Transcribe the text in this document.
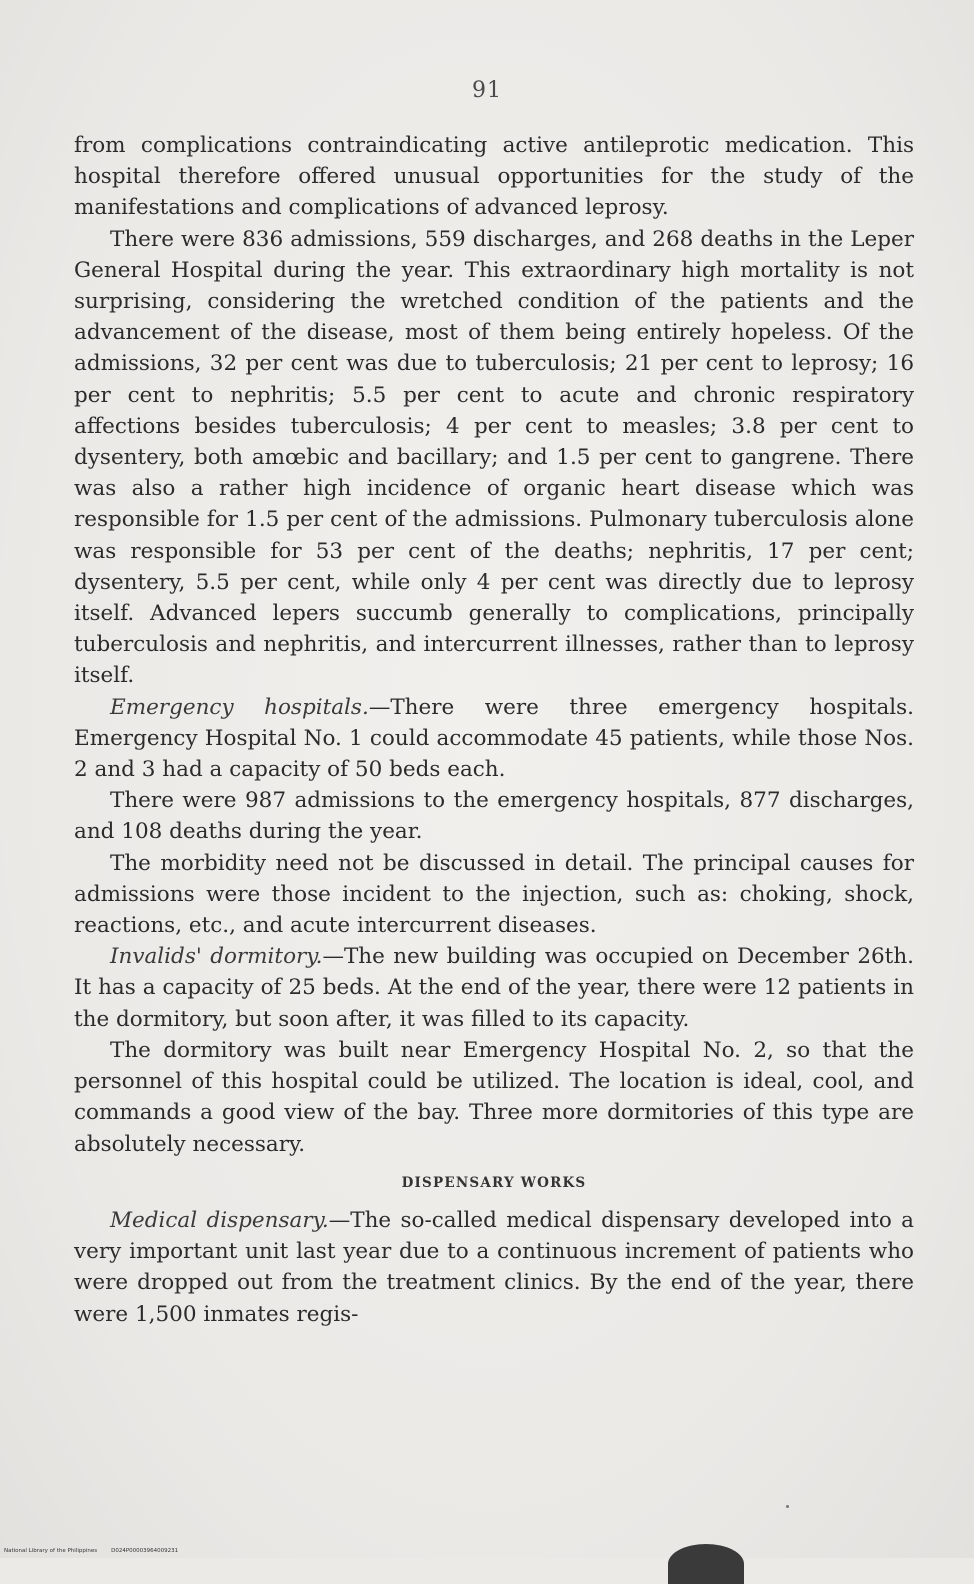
91

from complications contraindicating active antileprotic medication. This hospital therefore offered unusual opportunities for the study of the manifestations and complications of advanced leprosy.

There were 836 admissions, 559 discharges, and 268 deaths in the Leper General Hospital during the year. This extraordinary high mortality is not surprising, considering the wretched condition of the patients and the advancement of the disease, most of them being entirely hopeless. Of the admissions, 32 per cent was due to tuberculosis; 21 per cent to leprosy; 16 per cent to nephritis; 5.5 per cent to acute and chronic respiratory affections besides tuberculosis; 4 per cent to measles; 3.8 per cent to dysentery, both amœbic and bacillary; and 1.5 per cent to gangrene. There was also a rather high incidence of organic heart disease which was responsible for 1.5 per cent of the admissions. Pulmonary tuberculosis alone was responsible for 53 per cent of the deaths; nephritis, 17 per cent; dysentery, 5.5 per cent, while only 4 per cent was directly due to leprosy itself. Advanced lepers succumb generally to complications, principally tuberculosis and nephritis, and intercurrent illnesses, rather than to leprosy itself.

Emergency hospitals.—There were three emergency hospitals. Emergency Hospital No. 1 could accommodate 45 patients, while those Nos. 2 and 3 had a capacity of 50 beds each.

There were 987 admissions to the emergency hospitals, 877 discharges, and 108 deaths during the year.

The morbidity need not be discussed in detail. The principal causes for admissions were those incident to the injection, such as: choking, shock, reactions, etc., and acute intercurrent diseases.

Invalids' dormitory.—The new building was occupied on December 26th. It has a capacity of 25 beds. At the end of the year, there were 12 patients in the dormitory, but soon after, it was filled to its capacity.

The dormitory was built near Emergency Hospital No. 2, so that the personnel of this hospital could be utilized. The location is ideal, cool, and commands a good view of the bay. Three more dormitories of this type are absolutely necessary.

DISPENSARY WORKS

Medical dispensary.—The so-called medical dispensary developed into a very important unit last year due to a continuous increment of patients who were dropped out from the treatment clinics. By the end of the year, there were 1,500 inmates regis-

National Library of the Philippines	D024P00003964009231
